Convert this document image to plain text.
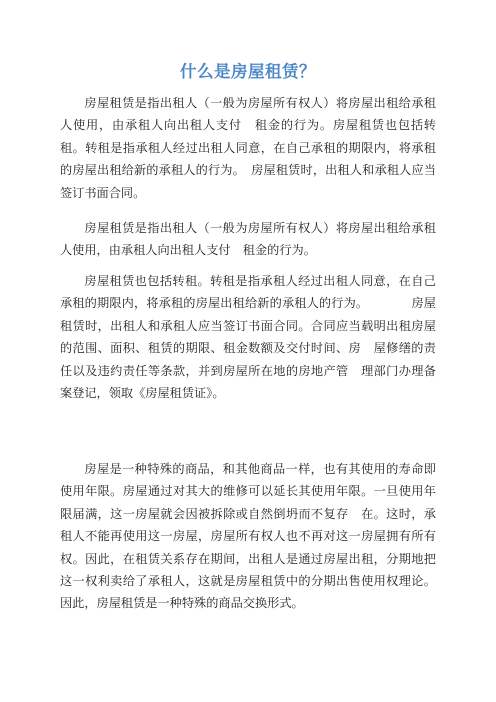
什么是房屋租赁？

房屋租赁是指出租人（一般为房屋所有权人）将房屋出租给承租人使用，由承租人向出租人支付　租金的行为。房屋租赁也包括转租。转租是指承租人经过出租人同意，在自己承租的期限内，将承租的房屋出租给新的承租人的行为。　房屋租赁时，出租人和承租人应当签订书面合同。

房屋租赁是指出租人（一般为房屋所有权人）将房屋出租给承租人使用，由承租人向出租人支付　租金的行为。

房屋租赁也包括转租。转租是指承租人经过出租人同意，在自己承租的期限内，将承租的房屋出租给新的承租人的行为。　　　　房屋租赁时，出租人和承租人应当签订书面合同。合同应当载明出租房屋的范围、面积、租赁的期限、租金数额及交付时间、房　屋修缮的责任以及违约责任等条款，并到房屋所在地的房地产管　理部门办理备案登记，领取《房屋租赁证》。

房屋是一种特殊的商品，和其他商品一样，也有其使用的寿命即使用年限。房屋通过对其大的维修可以延长其使用年限。一旦使用年限届满，这一房屋就会因被拆除或自然倒坍而不复存　在。这时，承租人不能再使用这一房屋，房屋所有权人也不再对这一房屋拥有所有权。因此，在租赁关系存在期间，出租人是通过房屋出租，分期地把这一权利卖给了承租人，这就是房屋租赁中的分期出售使用权理论。因此，房屋租赁是一种特殊的商品交换形式。
